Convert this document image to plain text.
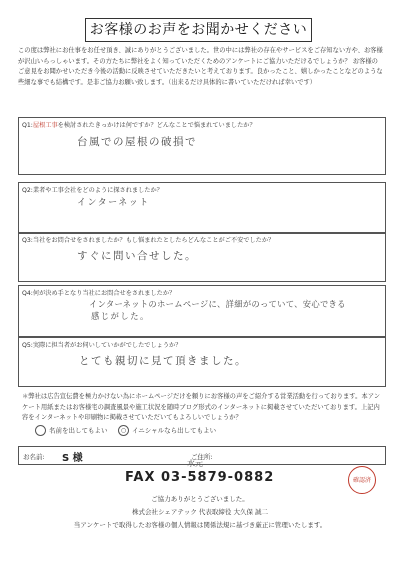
お客様のお声をお聞かせください
この度は弊社にお仕事をお任せ頂き、誠にありがとうございました。世の中には弊社の存在やサービスをご存知ない方や、お客様が沢山いらっしゃいます。その方たちに弊社をよく知っていただくためのアンケートにご協力いただけるでしょうか？ お客様のご意見をお聞かせいただき今後の活動に反映させていただきたいと考えております。良かったこと、嬉しかったことなどのような些細な事でも結構です。是非ご協力お願い致します。（出来るだけ具体的に書いていただければ幸いです）
Q1:屋根工事を検討されたきっかけは何ですか？どんなことで悩まれていましたか？
台風での屋根の破損で
Q2:業者や工事会社をどのように探されましたか？
インターネット
Q3:当社をお問合せをされましたか？もし悩まれたとしたらどんなことがご不安でしたか？
すぐに問い合せした。
Q4:何が決め手となり当社にお問合せをされましたか？
インターネットのホームページに、詳細がのっていて、安心できる
感じがした。
Q5:実際に担当者がお伺いしていかがでしたでしょうか？
とても親切に見て頂きました。
＊弊社は広告宣伝費を極力かけない為にホームページだけを頼りにお客様の声をご紹介する営業活動を行っております。本アンケート用紙またはお客様宅の調査風景や施工状況を随時ブログ形式のインターネットに掲載させていただいております。上記内容をインターネットや印刷物に掲載させていただいてもよろしいでしょうか？
名前を出してもよい	○ イニシャルなら出してもよい
お名前: S 様	ご住所:
水元
FAX 03-5879-0882	確認済
ご協力ありがとうございました。
株式会社シェアテック 代表取締役 大久保 誠二
当アンケートで取得したお客様の個人情報は関係法規に基づき厳正に管理いたします。
